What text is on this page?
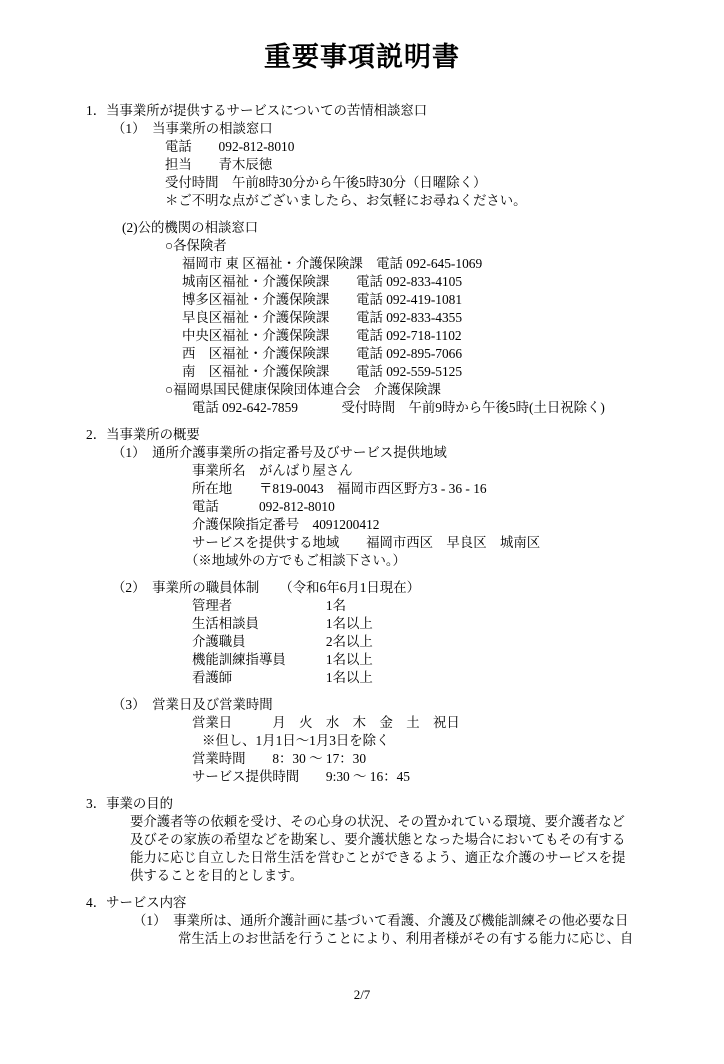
重要事項説明書
1．当事業所が提供するサービスについての苦情相談窓口
（1）　当事業所の相談窓口
電話　　092-812-8010
担当　　青木辰徳
受付時間　午前8時30分から午後5時30分（日曜除く）
＊ご不明な点がございましたら、お気軽にお尋ねください。
(2)公的機関の相談窓口
○各保険者
福岡市 東 区福祉・介護保険課　電話 092-645-1069
城南区福祉・介護保険課　　電話 092-833-4105
博多区福祉・介護保険課　　電話 092-419-1081
早良区福祉・介護保険課　　電話 092-833-4355
中央区福祉・介護保険課　　電話 092-718-1102
西　区福祉・介護保険課　　電話 092-895-7066
南　区福祉・介護保険課　　電話 092-559-5125
○福岡県国民健康保険団体連合会　介護保険課
電話 092-642-7859　　　 受付時間　午前9時から午後5時(土日祝除く)
2．当事業所の概要
（1）　通所介護事業所の指定番号及びサービス提供地域
事業所名　がんばり屋さん
所在地　　〒819-0043　福岡市西区野方3 - 36 - 16
電話　　　092-812-8010
介護保険指定番号　4091200412
サービスを提供する地域　　福岡市西区　早良区　城南区
（※地域外の方でもご相談下さい。）
（2）　事業所の職員体制　　（令和6年6月1日現在）
管理者　　　　　　　1名
生活相談員　　　　　1名以上
介護職員　　　　　　2名以上
機能訓練指導員　　　1名以上
看護師　　　　　　　1名以上
（3）　営業日及び営業時間
営業日　　　月　火　水　木　金　土　祝日
※但し、1月1日～1月3日を除く
営業時間　　8：30 ～ 17：30
サービス提供時間　　9:30 ～ 16：45
3．事業の目的
要介護者等の依頼を受け、その心身の状況、その置かれている環境、要介護者など
及びその家族の希望などを勘案し、要介護状態となった場合においてもその有する
能力に応じ自立した日常生活を営むことができるよう、適正な介護のサービスを提
供することを目的とします。
4．サービス内容
（1）　事業所は、通所介護計画に基づいて看護、介護及び機能訓練その他必要な日
常生活上のお世話を行うことにより、利用者様がその有する能力に応じ、自
2/7
